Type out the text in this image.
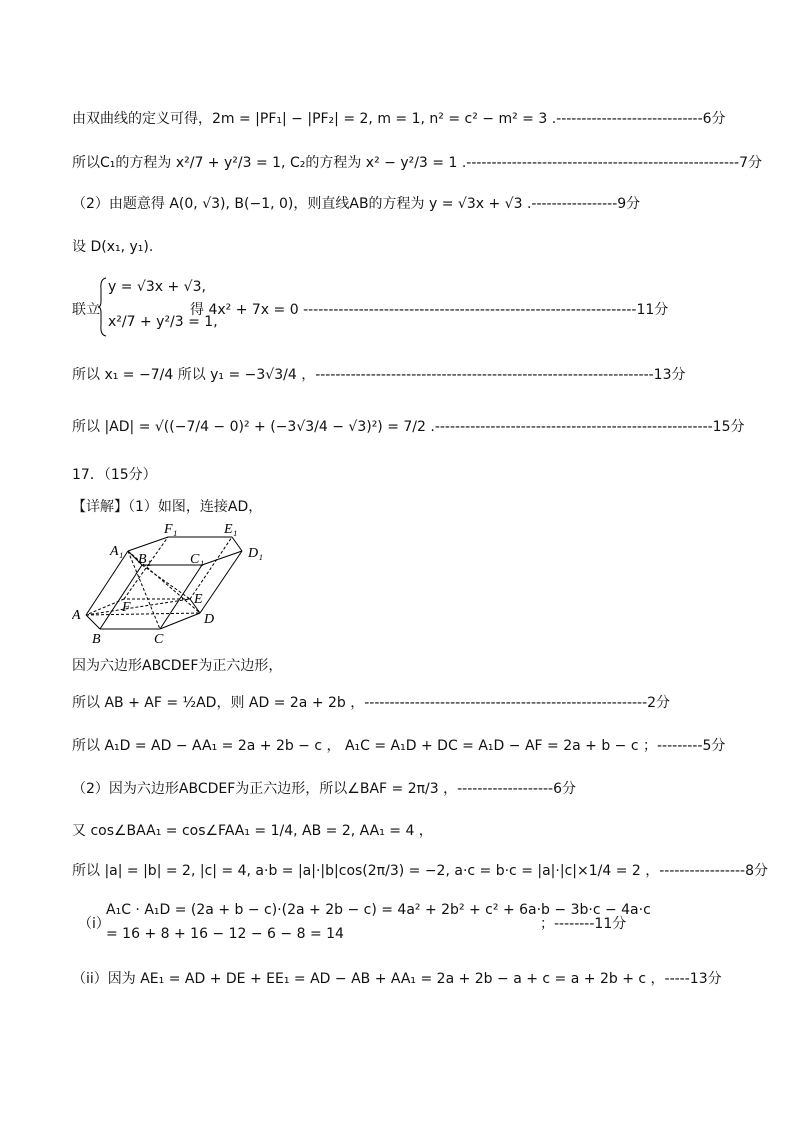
由双曲线的定义可得，2m = |PF₁| − |PF₂| = 2, m = 1, n² = c² − m² = 3 .-----------------------------6分
所以C₁的方程为 x²/7 + y²/3 = 1, C₂的方程为 x² − y²/3 = 1 .------------------------------------------------------7分
（2）由题意得 A(0, √3), B(−1, 0)，则直线AB的方程为 y = √3x + √3 .-----------------9分
设 D(x₁, y₁).
y = √3x + √3,
x²/7 + y²/3 = 1,
联立	得 4x² + 7x = 0 ------------------------------------------------------------------11分
所以 x₁ = −7/4 所以 y₁ = −3√3/4 ，-------------------------------------------------------------------13分
所以 |AD| = √((−7/4 − 0)² + (−3√3/4 − √3)²) = 7/2 .-------------------------------------------------------15分
17．（15分）
【详解】（1）如图，连接AD，
A
B	C
D
E
F
A₁
B₁	C₁	D₁
E₁
F₁
因为六边形ABCDEF为正六边形，
所以 AB + AF = ½AD，则 AD = 2a + 2b ，--------------------------------------------------------2分
所以 A₁D = AD − AA₁ = 2a + 2b − c ， A₁C = A₁D + DC = A₁D − AF = 2a + b − c ；---------5分
（2）因为六边形ABCDEF为正六边形，所以∠BAF = 2π/3 ，-------------------6分
又 cos∠BAA₁ = cos∠FAA₁ = 1/4, AB = 2, AA₁ = 4 ，
所以 |a| = |b| = 2, |c| = 4, a·b = |a|·|b|cos(2π/3) = −2, a·c = b·c = |a|·|c|×1/4 = 2 ，-----------------8分
（i）
A₁C · A₁D = (2a + b − c)·(2a + 2b − c) = 4a² + 2b² + c² + 6a·b − 3b·c − 4a·c
= 16 + 8 + 16 − 12 − 6 − 8 = 14
；--------11分
（ii）因为 AE₁ = AD + DE + EE₁ = AD − AB + AA₁ = 2a + 2b − a + c = a + 2b + c ，-----13分
